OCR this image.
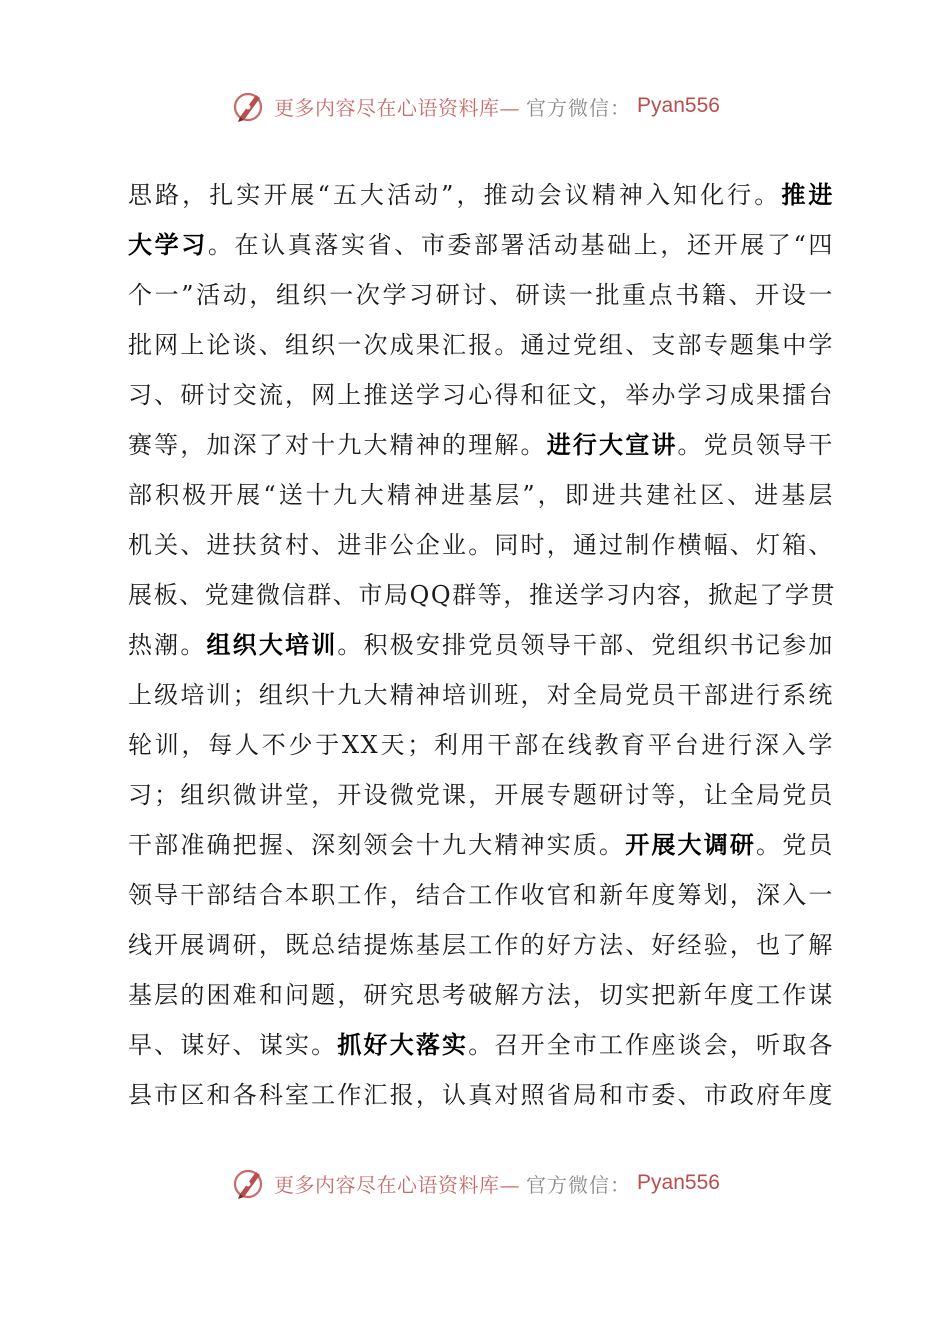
更多内容尽在心语资料库— 官方微信： Pyan556
思路，扎实开展“五大活动”，推动会议精神入知化行。推进
大学习。在认真落实省、市委部署活动基础上，还开展了“四
个一”活动，组织一次学习研讨、研读一批重点书籍、开设一
批网上论谈、组织一次成果汇报。通过党组、支部专题集中学
习、研讨交流，网上推送学习心得和征文，举办学习成果擂台
赛等，加深了对十九大精神的理解。进行大宣讲。党员领导干
部积极开展“送十九大精神进基层”，即进共建社区、进基层
机关、进扶贫村、进非公企业。同时，通过制作横幅、灯箱、
展板、党建微信群、市局QQ群等，推送学习内容，掀起了学贯
热潮。组织大培训。积极安排党员领导干部、党组织书记参加
上级培训；组织十九大精神培训班，对全局党员干部进行系统
轮训，每人不少于XX天；利用干部在线教育平台进行深入学
习；组织微讲堂，开设微党课，开展专题研讨等，让全局党员
干部准确把握、深刻领会十九大精神实质。开展大调研。党员
领导干部结合本职工作，结合工作收官和新年度筹划，深入一
线开展调研，既总结提炼基层工作的好方法、好经验，也了解
基层的困难和问题，研究思考破解方法，切实把新年度工作谋
早、谋好、谋实。抓好大落实。召开全市工作座谈会，听取各
县市区和各科室工作汇报，认真对照省局和市委、市政府年度
更多内容尽在心语资料库— 官方微信： Pyan556
